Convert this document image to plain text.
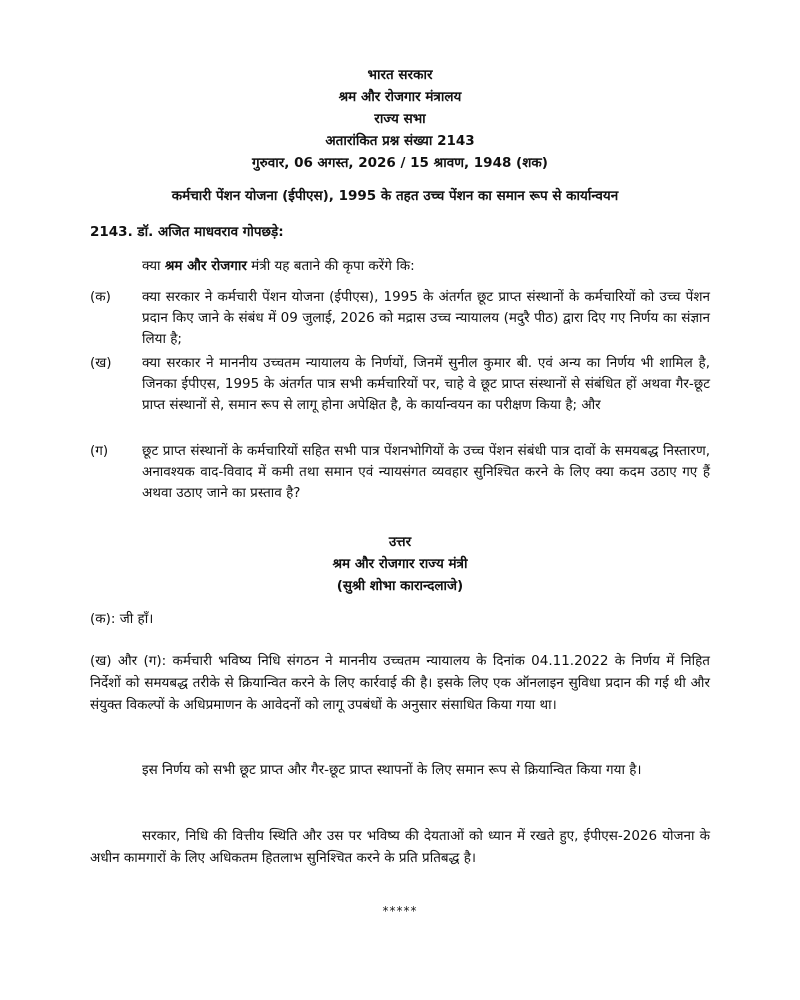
भारत सरकार
श्रम और रोजगार मंत्रालय
राज्य सभा
अतारांकित प्रश्न संख्या 2143
गुरुवार, 06 अगस्त, 2026 / 15 श्रावण, 1948 (शक)
कर्मचारी पेंशन योजना (ईपीएस), 1995 के तहत उच्च पेंशन का समान रूप से कार्यान्वयन
2143. डॉ. अजित माधवराव गोपछड़े:
क्या श्रम और रोजगार मंत्री यह बताने की कृपा करेंगे कि:
(क) क्या सरकार ने कर्मचारी पेंशन योजना (ईपीएस), 1995 के अंतर्गत छूट प्राप्त संस्थानों के कर्मचारियों को उच्च पेंशन प्रदान किए जाने के संबंध में 09 जुलाई, 2026 को मद्रास उच्च न्यायालय (मदुरै पीठ) द्वारा दिए गए निर्णय का संज्ञान लिया है;
(ख) क्या सरकार ने माननीय उच्चतम न्यायालय के निर्णयों, जिनमें सुनील कुमार बी. एवं अन्य का निर्णय भी शामिल है, जिनका ईपीएस, 1995 के अंतर्गत पात्र सभी कर्मचारियों पर, चाहे वे छूट प्राप्त संस्थानों से संबंधित हों अथवा गैर-छूट प्राप्त संस्थानों से, समान रूप से लागू होना अपेक्षित है, के कार्यान्वयन का परीक्षण किया है; और
(ग)	छूट प्राप्त संस्थानों के कर्मचारियों सहित सभी पात्र पेंशनभोगियों के उच्च पेंशन संबंधी पात्र दावों के समयबद्ध निस्तारण, अनावश्यक वाद-विवाद में कमी तथा समान एवं न्यायसंगत व्यवहार सुनिश्चित करने के लिए क्या कदम उठाए गए हैं अथवा उठाए जाने का प्रस्ताव है?
उत्तर
श्रम और रोजगार राज्य मंत्री
(सुश्री शोभा कारान्दलाजे)
(क): जी हाँ।
(ख) और (ग): कर्मचारी भविष्य निधि संगठन ने माननीय उच्चतम न्यायालय के दिनांक 04.11.2022 के निर्णय में निहित निर्देशों को समयबद्ध तरीके से क्रियान्वित करने के लिए कार्रवाई की है। इसके लिए एक ऑनलाइन सुविधा प्रदान की गई थी और संयुक्त विकल्पों के अधिप्रमाणन के आवेदनों को लागू उपबंधों के अनुसार संसाधित किया गया था।
इस निर्णय को सभी छूट प्राप्त और गैर-छूट प्राप्त स्थापनों के लिए समान रूप से क्रियान्वित किया गया है।
सरकार, निधि की वित्तीय स्थिति और उस पर भविष्य की देयताओं को ध्यान में रखते हुए, ईपीएस-2026 योजना के अधीन कामगारों के लिए अधिकतम हितलाभ सुनिश्चित करने के प्रति प्रतिबद्ध है।
*****
